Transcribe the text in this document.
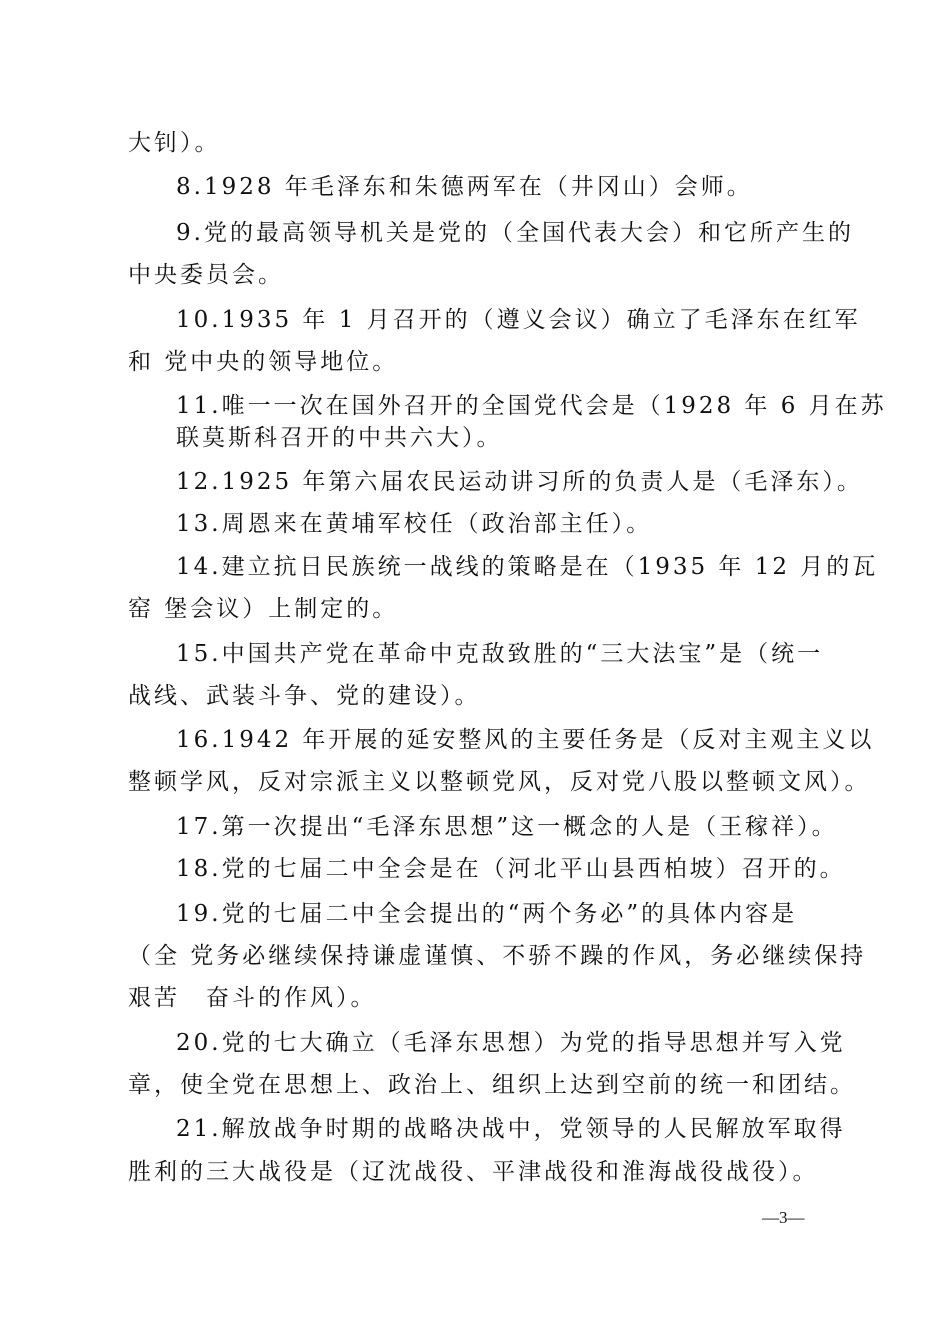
大钊）。
8.1928 年毛泽东和朱德两军在（井冈山）会师。
9.党的最高领导机关是党的（全国代表大会）和它所产生的
中央委员会。
10.1935 年 1 月召开的（遵义会议）确立了毛泽东在红军
和 党中央的领导地位。
11.唯一一次在国外召开的全国党代会是（1928 年 6 月在苏
联莫斯科召开的中共六大）。
12.1925 年第六届农民运动讲习所的负责人是（毛泽东）。
13.周恩来在黄埔军校任（政治部主任）。
14.建立抗日民族统一战线的策略是在（1935 年 12 月的瓦
窑 堡会议）上制定的。
15.中国共产党在革命中克敌致胜的“三大法宝”是（统一
战线、武装斗争、党的建设）。
16.1942 年开展的延安整风的主要任务是（反对主观主义以
整顿学风，反对宗派主义以整顿党风，反对党八股以整顿文风）。
17.第一次提出“毛泽东思想”这一概念的人是（王稼祥）。
18.党的七届二中全会是在（河北平山县西柏坡）召开的。
19.党的七届二中全会提出的“两个务必”的具体内容是
（全 党务必继续保持谦虚谨慎、不骄不躁的作风，务必继续保持
艰苦　奋斗的作风）。
20.党的七大确立（毛泽东思想）为党的指导思想并写入党
章，使全党在思想上、政治上、组织上达到空前的统一和团结。
21.解放战争时期的战略决战中，党领导的人民解放军取得
胜利的三大战役是（辽沈战役、平津战役和淮海战役战役）。
—3—
